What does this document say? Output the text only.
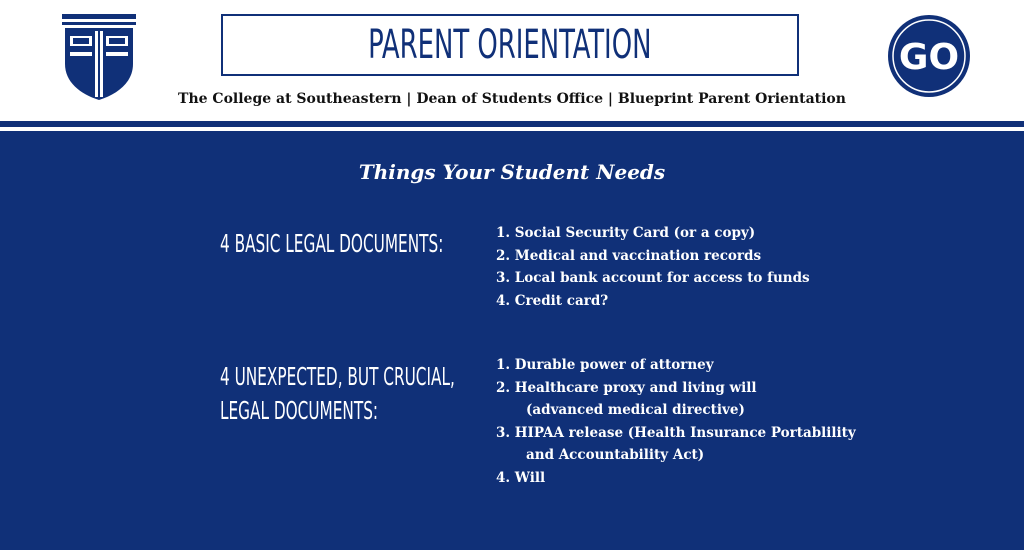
PARENT ORIENTATION
The College at Southeastern | Dean of Students Office | Blueprint Parent Orientation
GO
Things Your Student Needs
4 BASIC LEGAL DOCUMENTS:	1. Social Security Card (or a copy)
2. Medical and vaccination records
3. Local bank account for access to funds
4. Credit card?
4 UNEXPECTED, BUT CRUCIAL,
LEGAL DOCUMENTS:
1. Durable power of attorney
2. Healthcare proxy and living will
(advanced medical directive)
3. HIPAA release (Health Insurance Portablility
and Accountability Act)
4. Will
